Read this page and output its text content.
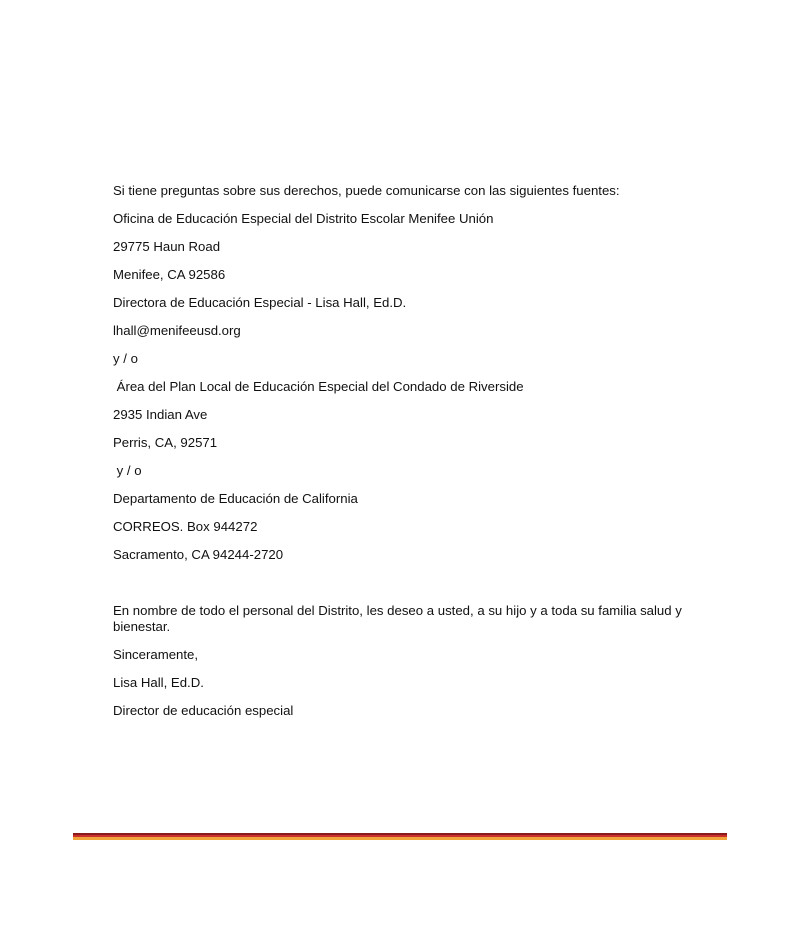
Si tiene preguntas sobre sus derechos, puede comunicarse con las siguientes fuentes:
Oficina de Educación Especial del Distrito Escolar Menifee Unión
29775 Haun Road
Menifee, CA 92586
Directora de Educación Especial - Lisa Hall, Ed.D.
lhall@menifeeusd.org
y / o
Área del Plan Local de Educación Especial del Condado de Riverside
2935 Indian Ave
Perris, CA, 92571
y / o
Departamento de Educación de California
CORREOS. Box 944272
Sacramento, CA 94244-2720
En nombre de todo el personal del Distrito, les deseo a usted, a su hijo y a toda su familia salud y bienestar.
Sinceramente,
Lisa Hall, Ed.D.
Director de educación especial
